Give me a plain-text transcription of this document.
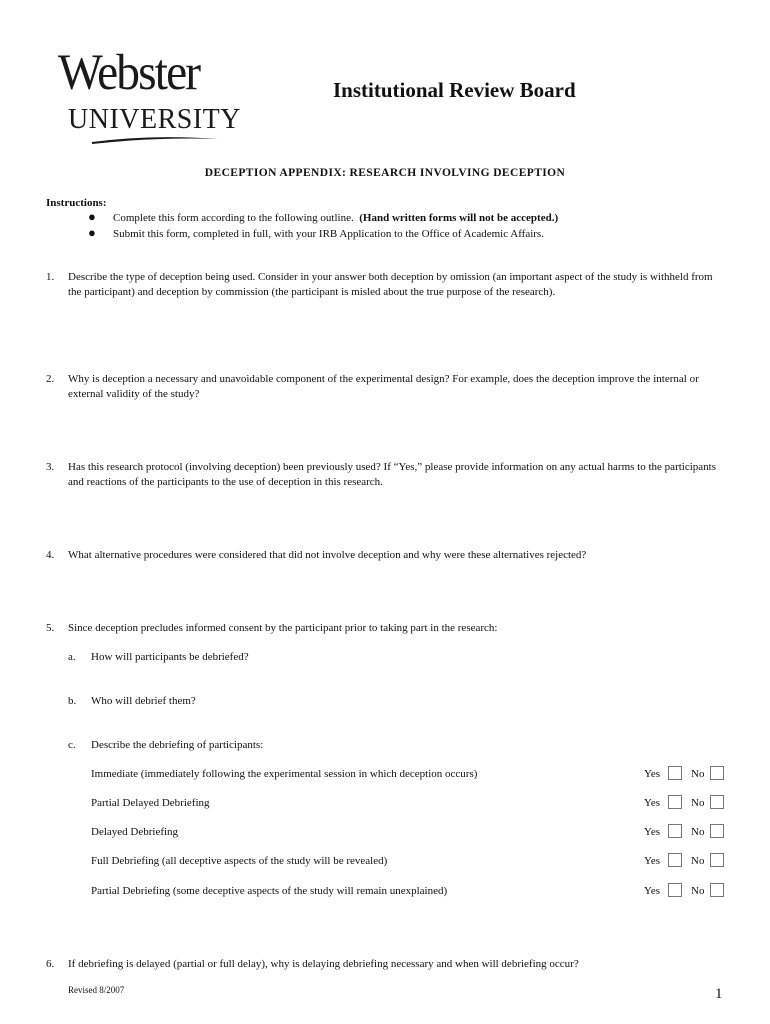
Webster
UNIVERSITY
Institutional Review Board
DECEPTION APPENDIX: RESEARCH INVOLVING DECEPTION
Instructions:
● Complete this form according to the following outline. (Hand written forms will not be accepted.)
● Submit this form, completed in full, with your IRB Application to the Office of Academic Affairs.
1. Describe the type of deception being used. Consider in your answer both deception by omission (an important aspect of the study is withheld from the participant) and deception by commission (the participant is misled about the true purpose of the research).
2. Why is deception a necessary and unavoidable component of the experimental design? For example, does the deception improve the internal or external validity of the study?
3. Has this research protocol (involving deception) been previously used? If “Yes,” please provide information on any actual harms to the participants and reactions of the participants to the use of deception in this research.
4. What alternative procedures were considered that did not involve deception and why were these alternatives rejected?
5. Since deception precludes informed consent by the participant prior to taking part in the research:
a. How will participants be debriefed?
b. Who will debrief them?
c. Describe the debriefing of participants:
Immediate (immediately following the experimental session in which deception occurs)	Yes	No
Partial Delayed Debriefing	Yes	No
Delayed Debriefing	Yes	No
Full Debriefing (all deceptive aspects of the study will be revealed)	Yes	No
Partial Debriefing (some deceptive aspects of the study will remain unexplained)	Yes	No
6. If debriefing is delayed (partial or full delay), why is delaying debriefing necessary and when will debriefing occur?
Revised 8/2007	1
